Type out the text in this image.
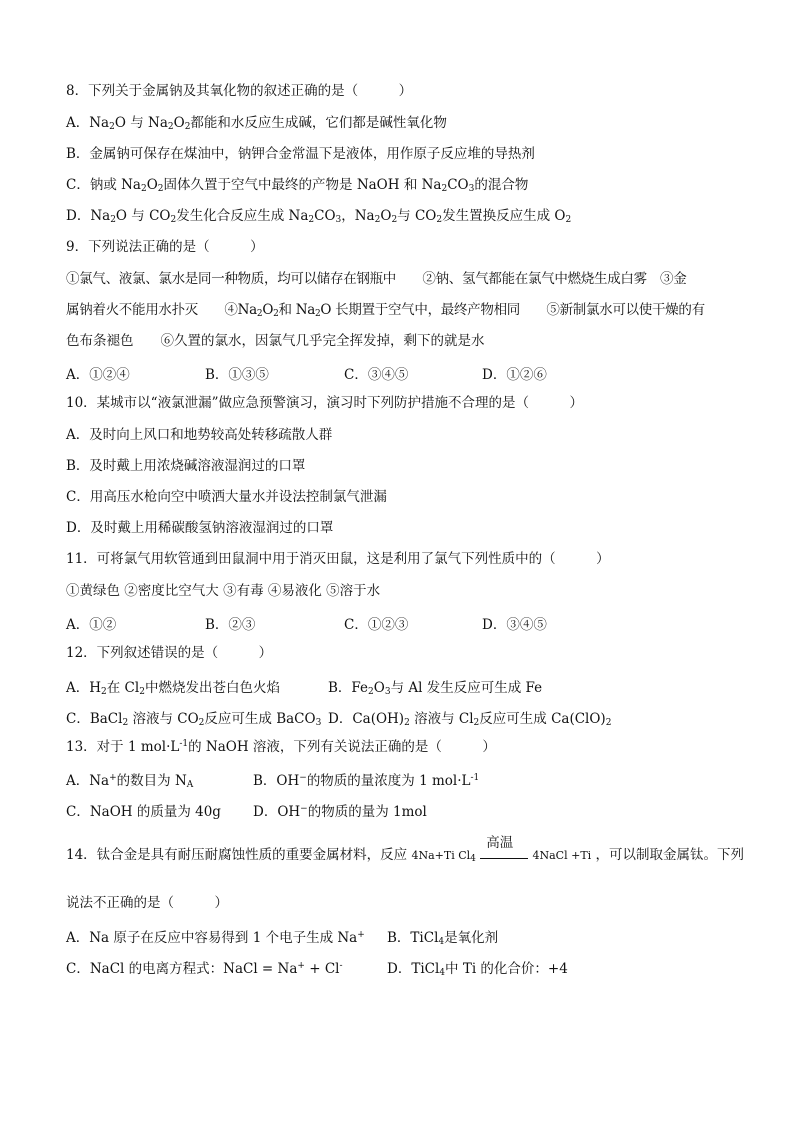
8．下列关于金属钠及其氧化物的叙述正确的是（　　　）
A．$Na_2O$ 与 $Na_2O_2$都能和水反应生成碱，它们都是碱性氧化物
B．金属钠可保存在煤油中，钠钾合金常温下是液体，用作原子反应堆的导热剂
C．钠或 $Na_2O_2$固体久置于空气中最终的产物是 NaOH 和 $Na_2CO_3$的混合物
D．$Na_2O$ 与 $CO_2$发生化合反应生成 $Na_2CO_3$，$Na_2O_2$与 $CO_2$发生置换反应生成 $O_2$
9．下列说法正确的是（　　　）
①氯气、液氯、氯水是同一种物质，均可以储存在钢瓶中　　②钠、氢气都能在氯气中燃烧生成白雾　③金
属钠着火不能用水扑灭　　$④Na_2O_2$和 $Na_2O$ 长期置于空气中，最终产物相同　　⑤新制氯水可以使干燥的有
色布条褪色　　⑥久置的氯水，因氯气几乎完全挥发掉，剩下的就是水
A．①②④	B．①③⑤	C．③④⑤	D．①②⑥
10．某城市以“液氯泄漏”做应急预警演习，演习时下列防护措施不合理的是（　　　）
A．及时向上风口和地势较高处转移疏散人群
B．及时戴上用浓烧碱溶液湿润过的口罩
C．用高压水枪向空中喷洒大量水并设法控制氯气泄漏
D．及时戴上用稀碳酸氢钠溶液湿润过的口罩
11．可将氯气用软管通到田鼠洞中用于消灭田鼠，这是利用了氯气下列性质中的（　　　）
①黄绿色 ②密度比空气大 ③有毒 ④易液化 ⑤溶于水
A．①②	B．②③	C．①②③	D．③④⑤
12．下列叙述错误的是（　　　）
A．$H_2$在 $Cl_2$中燃烧发出苍白色火焰	B．$Fe_2O_3$与 Al 发生反应可生成 Fe
C．BaCl$_2$ 溶液与 $CO_2$反应可生成 BaCO$_3$ D．$Ca(OH)_2$ 溶液与 $Cl_2$反应可生成 $Ca(ClO)_2$
13．对于 1 $mol\cdot L^{-1}$的 NaOH 溶液，下列有关说法正确的是（　　　）
A．Na+的数目为 $N_A$	B．OH−的物质的量浓度为 1 $mol\cdot L^{-1}$
C．NaOH 的质量为 40g D．OH−的物质的量为 1mol
14．钛合金是具有耐压耐腐蚀性质的重要金属材料，反应 4Na+Ti $Cl_4$
高温
4NaCl +Ti ，可以制取金属钛。下列
说法不正确的是（　　　）
A．Na 原子在反应中容易得到 1 个电子生成 Na+ B．TiCl$_4$是氧化剂
C．NaCl 的电离方程式：NaCl = Na+ + Cl-	D．TiCl$_4$中 Ti 的化合价：+4
